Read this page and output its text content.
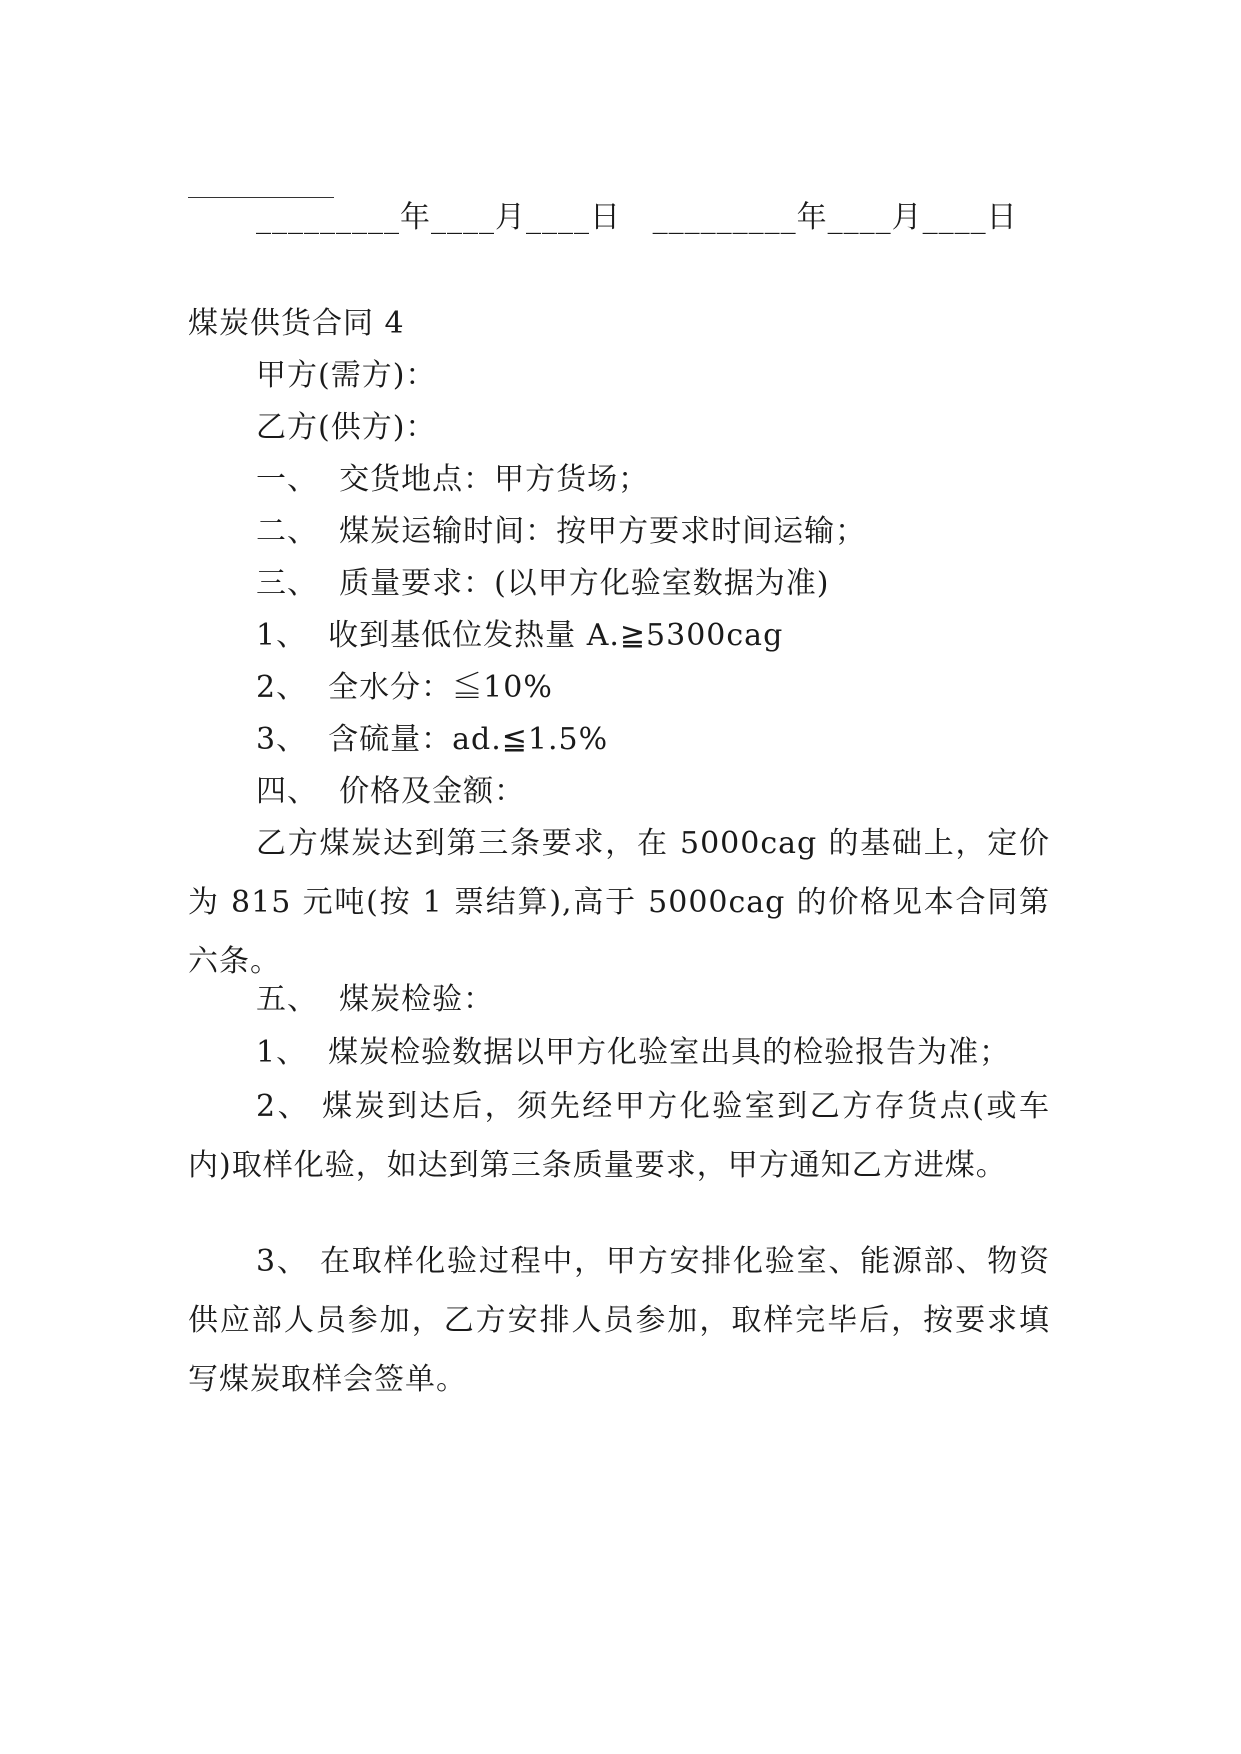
_________年____月____日   _________年____月____日
煤炭供货合同 4
甲方(需方)：
乙方(供方)：
一、  交货地点：甲方货场；
二、  煤炭运输时间：按甲方要求时间运输；
三、  质量要求：(以甲方化验室数据为准)
1、  收到基低位发热量 A.≧5300cag
2、  全水分：≦10%
3、  含硫量：ad.≦1.5%
四、  价格及金额：
乙方煤炭达到第三条要求，在 5000cag 的基础上，定价为 815 元吨(按 1 票结算),高于 5000cag 的价格见本合同第六条。
五、  煤炭检验：
1、  煤炭检验数据以甲方化验室出具的检验报告为准；
2、 煤炭到达后，须先经甲方化验室到乙方存货点(或车内)取样化验，如达到第三条质量要求，甲方通知乙方进煤。
3、 在取样化验过程中，甲方安排化验室、能源部、物资供应部人员参加，乙方安排人员参加，取样完毕后，按要求填写煤炭取样会签单。
